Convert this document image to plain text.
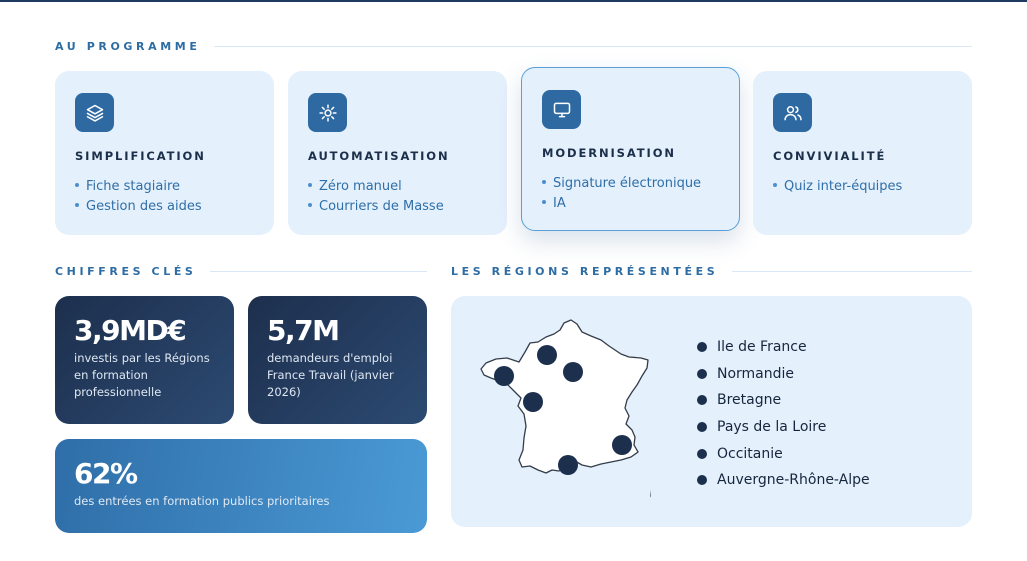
AU PROGRAMME
SIMPLIFICATION
Fiche stagiaire
Gestion des aides
AUTOMATISATION
Zéro manuel
Courriers de Masse
MODERNISATION
Signature électronique
IA
CONVIVIALITÉ
Quiz inter-équipes
CHIFFRES CLÉS
3,9MD€
investis par les Régions en formation professionnelle
5,7M
demandeurs d'emploi France Travail (janvier 2026)
62%
des entrées en formation publics prioritaires
LES RÉGIONS REPRÉSENTÉES
Ile de France
Normandie
Bretagne
Pays de la Loire
Occitanie
Auvergne-Rhône-Alpe
